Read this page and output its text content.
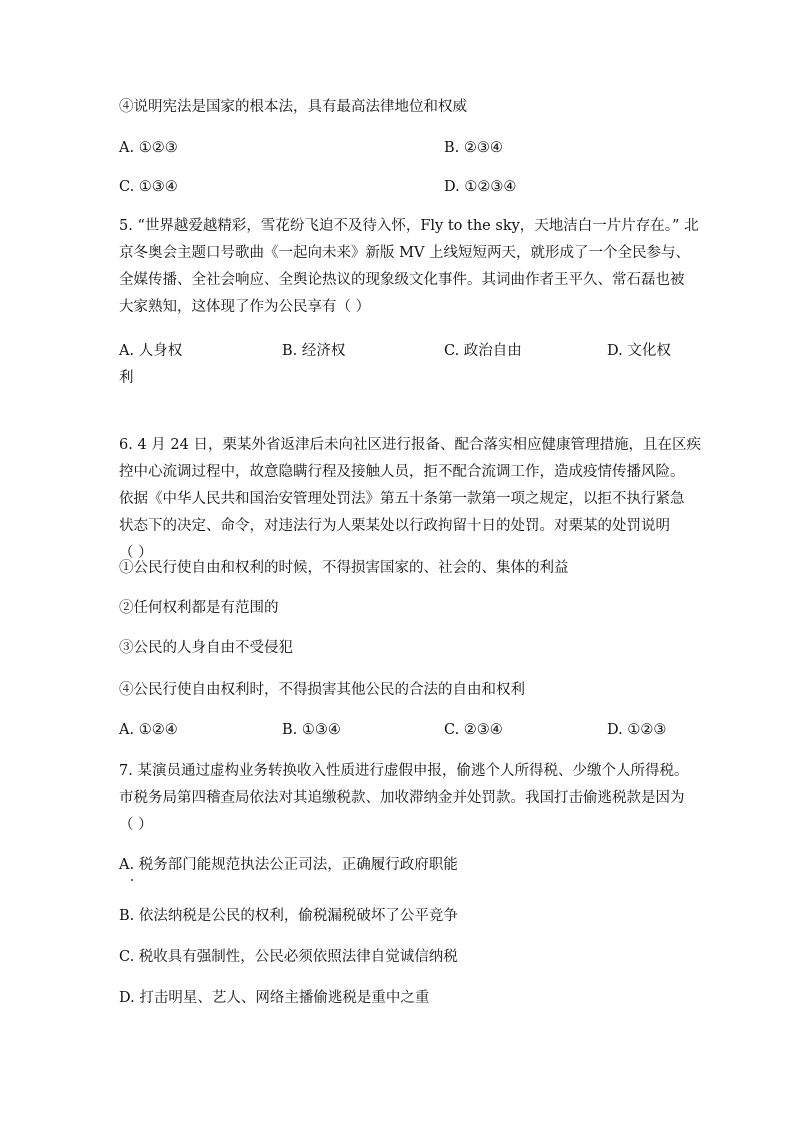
④说明宪法是国家的根本法，具有最高法律地位和权威
A. ①②③	B. ②③④
C. ①③④	D. ①②③④
5. “世界越爱越精彩，雪花纷飞迫不及待入怀，Fly to the sky，天地洁白一片片存在。” 北
京冬奥会主题口号歌曲《一起向未来》新版 MV 上线短短两天，就形成了一个全民参与、
全媒传播、全社会响应、全舆论热议的现象级文化事件。其词曲作者王平久、常石磊也被
大家熟知，这体现了作为公民享有（ ）
A. 人身权	B. 经济权	C. 政治自由	D. 文化权
利
6. 4 月 24 日，栗某外省返津后未向社区进行报备、配合落实相应健康管理措施，且在区疾
控中心流调过程中，故意隐瞒行程及接触人员，拒不配合流调工作，造成疫情传播风险。
依据《中华人民共和国治安管理处罚法》第五十条第一款第一项之规定，以拒不执行紧急
状态下的决定、命令，对违法行为人栗某处以行政拘留十日的处罚。对栗某的处罚说明
（ ）
①公民行使自由和权利的时候，不得损害国家的、社会的、集体的利益
②任何权利都是有范围的
③公民的人身自由不受侵犯
④公民行使自由权利时，不得损害其他公民的合法的自由和权利
A. ①②④	B. ①③④	C. ②③④	D. ①②③
7. 某演员通过虚构业务转换收入性质进行虚假申报，偷逃个人所得税、少缴个人所得税。
市税务局第四稽查局依法对其追缴税款、加收滞纳金并处罚款。我国打击偷逃税款是因为
（ ）
A. 税务部门能规范执法公正司法，正确履行政府职能
B. 依法纳税是公民的权利，偷税漏税破坏了公平竞争
C. 税收具有强制性，公民必须依照法律自觉诚信纳税
D. 打击明星、艺人、网络主播偷逃税是重中之重
